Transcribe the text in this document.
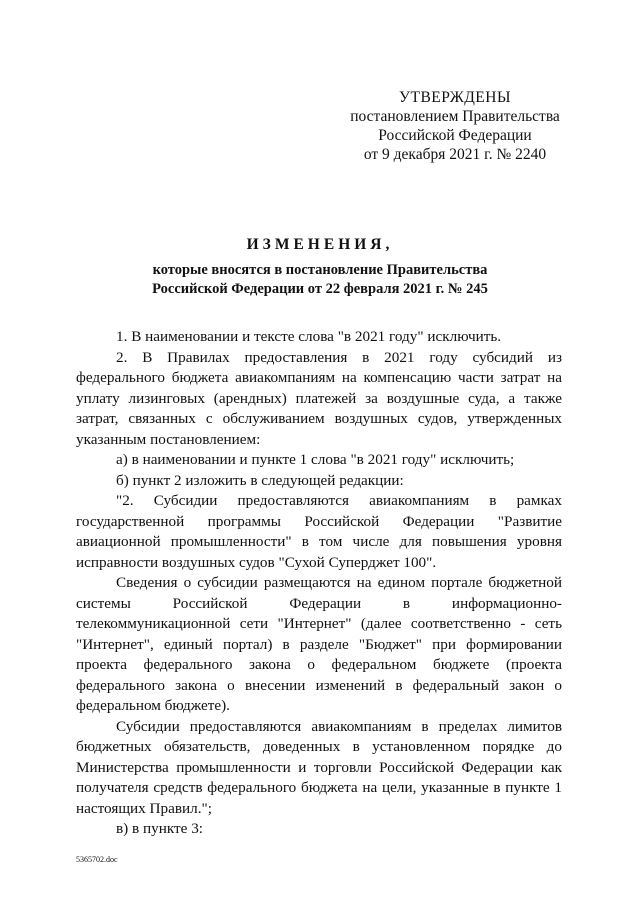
УТВЕРЖДЕНЫ
постановлением Правительства
Российской Федерации
от 9 декабря 2021 г. № 2240
ИЗМЕНЕНИЯ,
которые вносятся в постановление Правительства
Российской Федерации от 22 февраля 2021 г. № 245

1. В наименовании и тексте слова "в 2021 году" исключить.

2. В Правилах предоставления в 2021 году субсидий из федерального бюджета авиакомпаниям на компенсацию части затрат на уплату лизинговых (арендных) платежей за воздушные суда, а также затрат, связанных с обслуживанием воздушных судов, утвержденных указанным постановлением:

а) в наименовании и пункте 1 слова "в 2021 году" исключить;

б) пункт 2 изложить в следующей редакции:

"2. Субсидии предоставляются авиакомпаниям в рамках государственной программы Российской Федерации "Развитие авиационной промышленности" в том числе для повышения уровня исправности воздушных судов "Сухой Суперджет 100".

Сведения о субсидии размещаются на едином портале бюджетной системы Российской Федерации в информационно-телекоммуникационной сети "Интернет" (далее соответственно - сеть "Интернет", единый портал) в разделе "Бюджет" при формировании проекта федерального закона о федеральном бюджете (проекта федерального закона о внесении изменений в федеральный закон о федеральном бюджете).

Субсидии предоставляются авиакомпаниям в пределах лимитов бюджетных обязательств, доведенных в установленном порядке до Министерства промышленности и торговли Российской Федерации как получателя средств федерального бюджета на цели, указанные в пункте 1 настоящих Правил.";

в) в пункте 3:

5365702.doc
